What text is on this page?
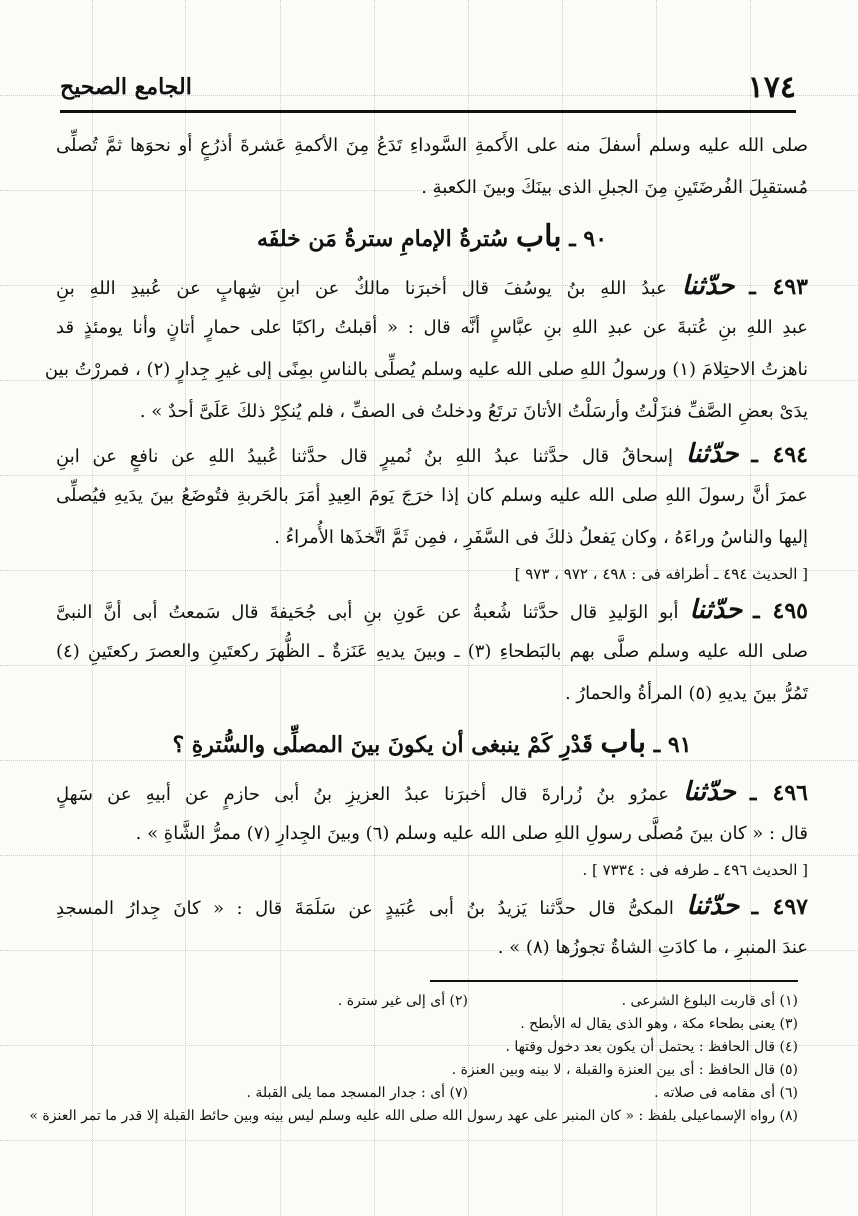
١٧٤
الجامع الصحيح
صلى الله عليه وسلم أسفلَ منه على الأَكمةِ السَّوداءِ تَدَعُ مِنَ الأكمةِ عَشرةَ أذرُعٍ أو نحوَها ثمَّ تُصلِّى
مُستقبِلَ الفُرضَتَينِ مِنَ الجبلِ الذى بينَكَ وبينَ الكعبةِ .
٩٠ ـ باب سُترةُ الإمامِ سترةُ مَن خلفَه
٤٩٣ ـ حدّثنا عبدُ اللهِ بنُ يوسُفَ قال أخبرَنا مالكٌ عن ابنِ شِهابٍ عن عُبيدِ اللهِ بنِ
عبدِ اللهِ بنِ عُتبةَ عن عبدِ اللهِ بنِ عبَّاسٍ أنَّه قال : « أقبلتُ راكبًا على حمارٍ أتانٍ وأنا يومئذٍ قد
ناهزتُ الاحتِلامَ (١) ورسولُ اللهِ صلى الله عليه وسلم يُصلِّى بالناسِ بمِنًى إلى غيرِ جِدارٍ (٢) ، فمررْتُ بين
يدَىْ بعضِ الصَّفِّ فنزَلْتُ وأرسَلْتُ الأتانَ ترتَعُ ودخلتُ فى الصفِّ ، فلم يُنكِرْ ذلكَ عَلَىَّ أحدٌ » .
٤٩٤ ـ حدّثنا إسحاقُ قال حدَّثنا عبدُ اللهِ بنُ نُميرٍ قال حدَّثنا عُبيدُ اللهِ عن نافعٍ عن ابنِ
عمرَ أنَّ رسولَ اللهِ صلى الله عليه وسلم كان إذا خرَجَ يَومَ العِيدِ أمَرَ بالحَربةِ فتُوضَعُ بينَ يدَيهِ فيُصلِّى
إليها والناسُ وراءَهُ ، وكان يَفعلُ ذلكَ فى السَّفَرِ ، فمِن ثَمَّ اتَّخذَها الأُمراءُ .
[ الحديث ٤٩٤ ـ أطرافه فى : ٤٩٨ ، ٩٧٢ ، ٩٧٣ ]
٤٩٥ ـ حدّثنا أبو الوَليدِ قال حدَّثنا شُعبةُ عن عَونِ بنِ أبى جُحَيفةَ قال سَمعتُ أبى أنَّ النبىَّ
صلى الله عليه وسلم صلَّى بهم بالبَطحاءِ (٣) ـ وبينَ يديهِ عَنَزةٌ ـ الظُّهرَ ركعتَينِ والعصرَ ركعتَينِ (٤)
تَمُرُّ بينَ يديهِ (٥) المرأةُ والحمارُ .
٩١ ـ باب قَدْرِ كَمْ ينبغى أن يكونَ بينَ المصلِّى والسُّترةِ ؟
٤٩٦ ـ حدّثنا عمرُو بنُ زُرارةَ قال أخبرَنا عبدُ العزيزِ بنُ أبى حازمٍ عن أبيهِ عن سَهلٍ
قال : « كان بينَ مُصلَّى رسولِ اللهِ صلى الله عليه وسلم (٦) وبينَ الجِدارِ (٧) ممرُّ الشَّاةِ » .
[ الحديث ٤٩٦ ـ طرفه فى : ٧٣٣٤ ] .
٤٩٧ ـ حدّثنا المكىُّ قال حدَّثنا يَزيدُ بنُ أبى عُبَيدٍ عن سَلَمَةَ قال : « كانَ جِدارُ المسجدِ
عندَ المنبرِ ، ما كادَتِ الشاةُ تجوزُها (٨) » .
(١) أى قاربت البلوغ الشرعى .
(٢) أى إلى غير سترة .
(٣) يعنى بطحاء مكة ، وهو الذى يقال له الأبطح .
(٤) قال الحافظ : يحتمل أن يكون بعد دخول وقتها .
(٥) قال الحافظ : أى بين العنزة والقبلة ، لا بينه وبين العنزة .
(٦) أى مقامه فى صلاته .
(٧) أى : جدار المسجد مما يلى القبلة .
(٨) رواه الإسماعيلى بلفظ : « كان المنبر على عهد رسول الله صلى الله عليه وسلم ليس بينه وبين حائط القبلة إلا قدر ما تمر العنزة »
